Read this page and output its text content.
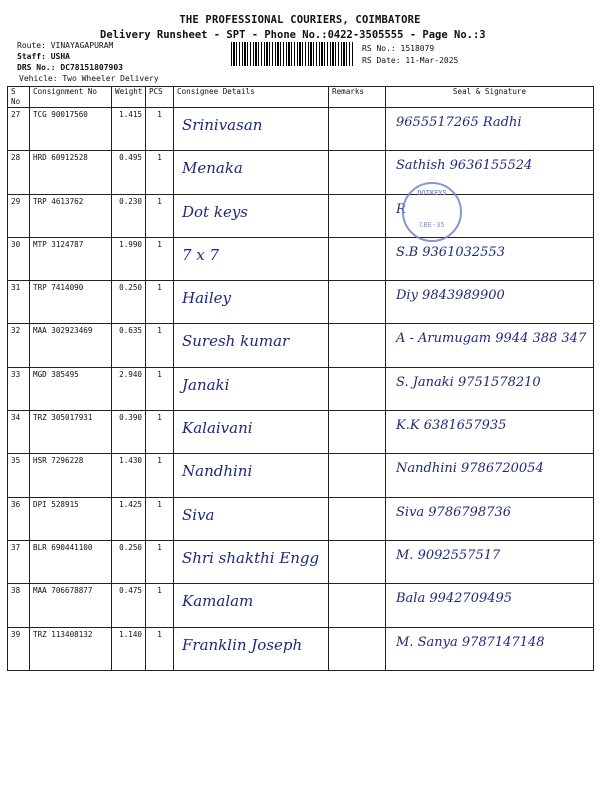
THE PROFESSIONAL COURIERS, COIMBATORE
Delivery Runsheet - SPT - Phone No.:0422-3505555 - Page No.:3
Route: VINAYAGAPURAM
Staff: USHA
DRS No.: DC78151807903
Vehicle: Two Wheeler Delivery
RS No.: 1518079
RS Date: 11-Mar-2025
S No	Consignment No	Weight	PCS	Consignee Details	Remarks	Seal & Signature
27	TCG 90017560	1.415	1	Srinivasan		9655517265 Radhi

28	HRD 60912528	0.495	1	Menaka		Sathish 9636155524

29	TRP 4613762	0.230	1	Dot keys		R

30	MTP 3124787	1.990	1	7 x 7		S.B 9361032553

31	TRP 7414090	0.250	1	Hailey		Diy 9843989900

32	MAA 302923469	0.635	1	Suresh kumar		A - Arumugam 9944 388 347

33	MGD 385495	2.940	1	Janaki		S. Janaki 9751578210

34	TRZ 305017931	0.390	1	Kalaivani		K.K 6381657935

35	HSR 7296228	1.430	1	Nandhini		Nandhini 9786720054

36	DPI 528915	1.425	1	Siva		Siva 9786798736

37	BLR 690441100	0.250	1	Shri shakthi Engg		M. 9092557517

38	MAA 706678877	0.475	1	Kamalam		Bala 9942709495

39	TRZ 113408132	1.140	1	Franklin Joseph		M. Sanya 9787147148
DOTKEYS
CBE-35
